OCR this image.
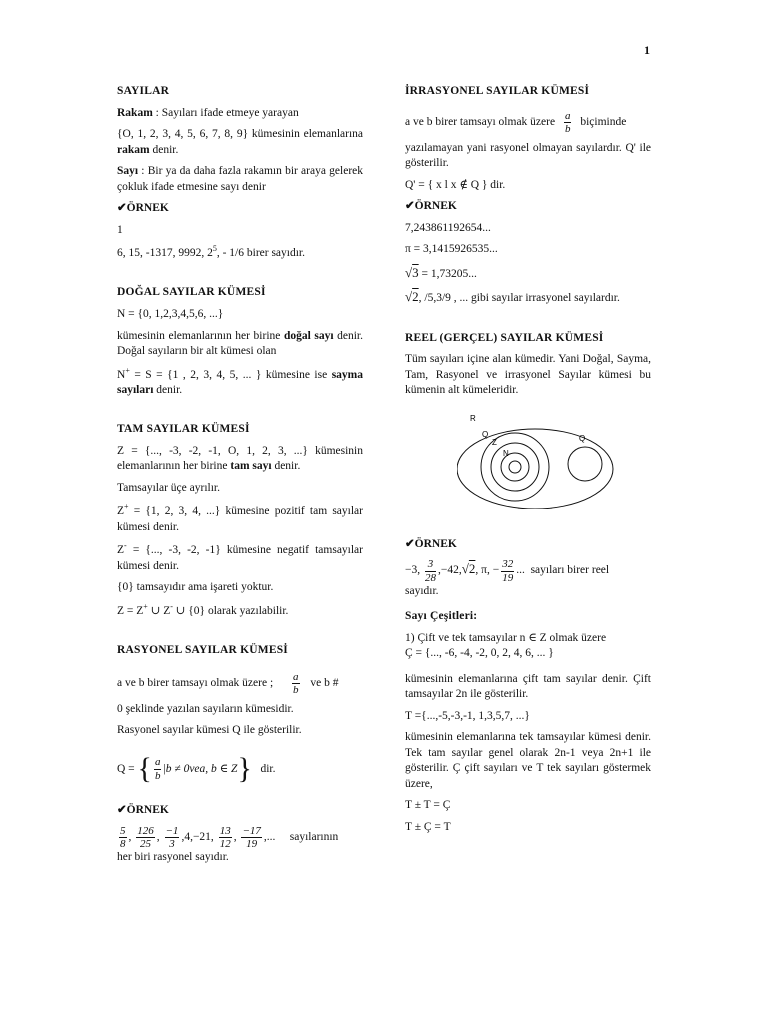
1
SAYILAR

Rakam : Sayıları ifade etmeye yarayan

{O, 1, 2, 3, 4, 5, 6, 7, 8, 9} kümesinin elemanlarına rakam denir.

Sayı : Bir ya da daha fazla rakamın bir araya gelerek çokluk ifade etmesine sayı denir

✔ÖRNEK

1

6, 15, -1317, 9992, $2^5$, - 1/6 birer sayıdır.

DOĞAL SAYILAR KÜMESİ

N = {0, 1,2,3,4,5,6, ...}

kümesinin elemanlarının her birine doğal sayı denir. Doğal sayıların bir alt kümesi olan

N+ = S = {1 , 2, 3, 4, 5, ... } kümesine ise sayma sayıları denir.

TAM SAYILAR KÜMESİ

Z = {..., -3, -2, -1, O, 1, 2, 3, ...} kümesinin elemanlarının her birine tam sayı denir.

Tamsayılar üçe ayrılır.

Z+ = {1, 2, 3, 4, ...} kümesine pozitif tam sayılar kümesi denir.

Z- = {..., -3, -2, -1} kümesine negatif tamsayılar kümesi denir.

{0} tamsayıdır ama işareti yoktur.

Z = Z+ ∪ Z- ∪ {0} olarak yazılabilir.

RASYONEL SAYILAR KÜMESİ

a ve b birer tamsayı olmak üzere ; $\frac{a}{b}$ ve b #

0 şeklinde yazılan sayıların kümesidir.

Rasyonel sayılar kümesi Q ile gösterilir.

Q = { $\frac{a}{b} |b \ne 0vea$, b ∈ Z} dir.

✔ÖRNEK

$\frac{5}{8}$ , $\frac{126}{25}$ , $\frac{-1}{3} ,4,-21$, $\frac{13}{12}$ , $\frac{-17}{19}$ ,... sayılarının

her biri rasyonel sayıdır.

İRRASYONEL SAYILAR KÜMESİ

a ve b birer tamsayı olmak üzere $\frac{a}{b}$ biçiminde

yazılamayan yani rasyonel olmayan sayılardır. Q' ile gösterilir.

Q' = { x l x ∉ Q } dir.

✔ÖRNEK

7,243861192654...

π = 3,1415926535...

√3 = 1,73205...

√2, /5,3/9 , ... gibi sayılar irrasyonel sayılardır.

REEL (GERÇEL) SAYILAR KÜMESİ

Tüm sayıları içine alan kümedir. Yani Doğal, Sayma, Tam, Rasyonel ve irrasyonel Sayılar kümesi bu kümenin alt kümeleridir.

R
Q
Z
N
Q
✔ÖRNEK

−3, $\frac{3}{28} ,-42,√2$, π, − $\frac{32}{19}$ ... sayıları birer reel

sayıdır.

Sayı Çeşitleri:

1) Çift ve tek tamsayılar n ∈ Z olmak üzere

Ç = {..., -6, -4, -2, 0, 2, 4, 6, ... }

kümesinin elemanlarına çift tam sayılar denir. Çift tamsayılar 2n ile gösterilir.

T ={...,-5,-3,-1, 1,3,5,7, ...}

kümesinin elemanlarına tek tamsayılar kümesi denir. Tek tam sayılar genel olarak 2n-1 veya 2n+1 ile gösterilir. Ç çift sayıları ve T tek sayıları göstermek üzere,

T ± T = Ç

T ± Ç = T
